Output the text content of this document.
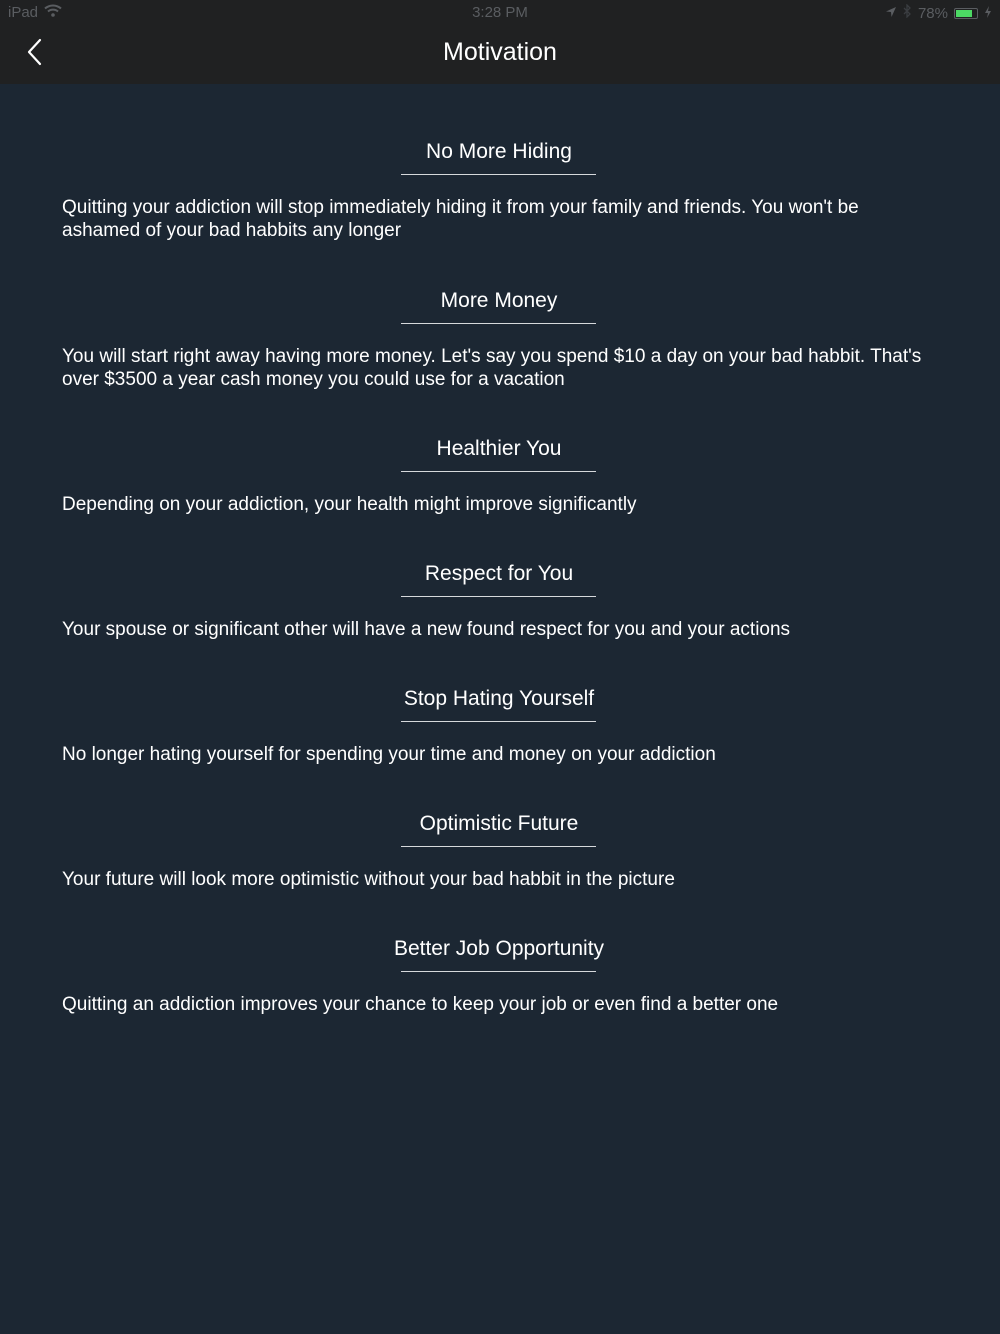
iPad	3:28 PM	78%
Motivation
No More Hiding
Quitting your addiction will stop immediately hiding it from your family and friends. You won't be ashamed of your bad habbits any longer
More Money
You will start right away having more money. Let's say you spend $10 a day on your bad habbit. That's over $3500 a year cash money you could use for a vacation
Healthier You
Depending on your addiction, your health might improve significantly
Respect for You
Your spouse or significant other will have a new found respect for you and your actions
Stop Hating Yourself
No longer hating yourself for spending your time and money on your addiction
Optimistic Future
Your future will look more optimistic without your bad habbit in the picture
Better Job Opportunity
Quitting an addiction improves your chance to keep your job or even find a better one
